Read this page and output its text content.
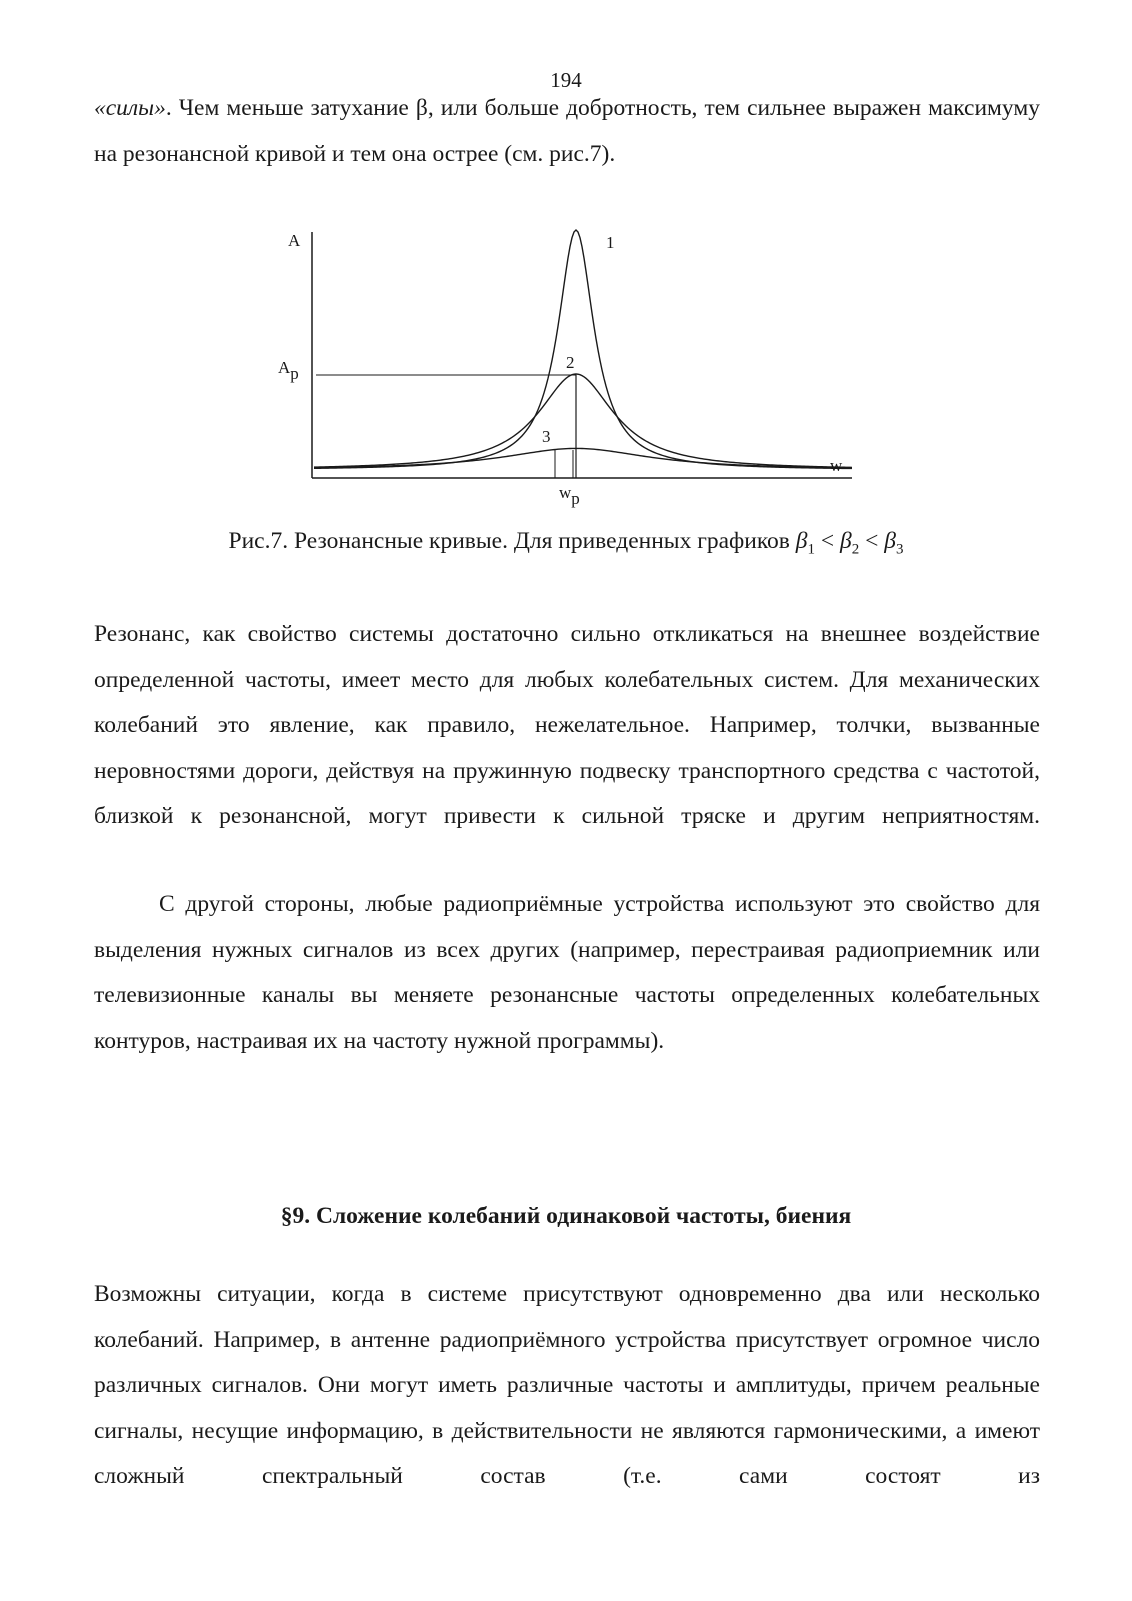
194

«силы». Чем меньше затухание β, или больше добротность, тем сильнее выражен максимуму на резонансной кривой и тем она острее (см. рис.7).

A
Ap
w
wp
1
2
3
Рис.7. Резонансные кривые. Для приведенных графиков $\beta_1 < \beta_2 < \beta_3$

Резонанс, как свойство системы достаточно сильно откликаться на внешнее воздействие определенной частоты, имеет место для любых колебательных систем. Для механических колебаний это явление, как правило, нежелательное. Например, толчки, вызванные неровностями дороги, действуя на пружинную подвеску транспортного средства с частотой, близкой к резонансной, могут привести к сильной тряске и другим неприятностям.

С другой стороны, любые радиоприёмные устройства используют это свойство для выделения нужных сигналов из всех других (например, перестраивая радиоприемник или телевизионные каналы вы меняете резонансные частоты определенных колебательных контуров, настраивая их на частоту нужной программы).

§9. Сложение колебаний одинаковой частоты, биения

Возможны ситуации, когда в системе присутствуют одновременно два или несколько колебаний. Например, в антенне радиоприёмного устройства присутствует огромное число различных сигналов. Они могут иметь различные частоты и амплитуды, причем реальные сигналы, несущие информацию, в действительности не являются гармоническими, а имеют сложный спектральный состав (т.е. сами состоят из
